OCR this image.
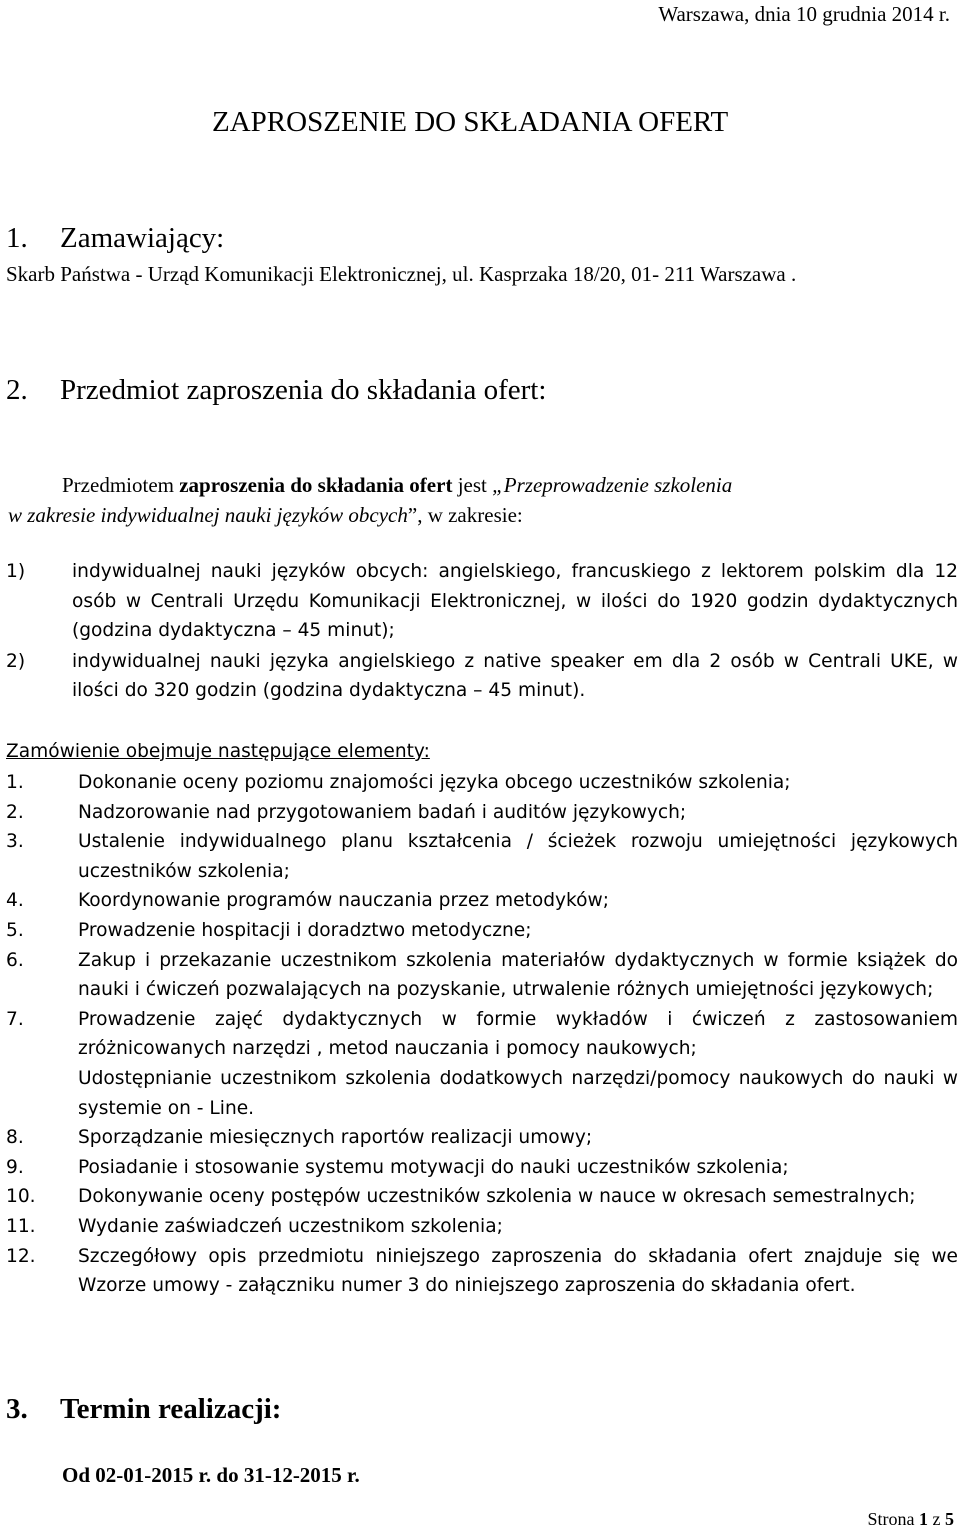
Warszawa, dnia 10 grudnia 2014 r.
ZAPROSZENIE DO SKŁADANIA OFERT
1. Zamawiający:
Skarb Państwa - Urząd Komunikacji Elektronicznej, ul. Kasprzaka 18/20, 01- 211 Warszawa .
2. Przedmiot zaproszenia do składania ofert:
Przedmiotem zaproszenia do składania ofert jest „Przeprowadzenie szkolenia
w zakresie indywidualnej nauki języków obcych”, w zakresie:
1)	indywidualnej nauki języków obcych: angielskiego, francuskiego z lektorem polskim dla 12 osób w Centrali Urzędu Komunikacji Elektronicznej, w ilości do 1920 godzin dydaktycznych (godzina dydaktyczna – 45 minut);
2)	indywidualnej nauki języka angielskiego z native speaker em dla 2 osób w Centrali UKE, w ilości do 320 godzin (godzina dydaktyczna – 45 minut).
Zamówienie obejmuje następujące elementy:
1.	Dokonanie oceny poziomu znajomości języka obcego uczestników szkolenia;
2.	Nadzorowanie nad przygotowaniem badań i auditów językowych;
3.	Ustalenie indywidualnego planu kształcenia / ścieżek rozwoju umiejętności językowych uczestników szkolenia;
4.	Koordynowanie programów nauczania przez metodyków;
5.	Prowadzenie hospitacji i doradztwo metodyczne;
6.	Zakup i przekazanie uczestnikom szkolenia materiałów dydaktycznych w formie książek do nauki i ćwiczeń pozwalających na pozyskanie, utrwalenie różnych umiejętności językowych;
7.	Prowadzenie zajęć dydaktycznych w formie wykładów i ćwiczeń z zastosowaniem zróżnicowanych narzędzi , metod nauczania i pomocy naukowych;
Udostępnianie uczestnikom szkolenia dodatkowych narzędzi/pomocy naukowych do nauki w systemie on - Line.
8.	Sporządzanie miesięcznych raportów realizacji umowy;
9.	Posiadanie i stosowanie systemu motywacji do nauki uczestników szkolenia;
10. Dokonywanie oceny postępów uczestników szkolenia w nauce w okresach semestralnych;
11. Wydanie zaświadczeń uczestnikom szkolenia;
12. Szczegółowy opis przedmiotu niniejszego zaproszenia do składania ofert znajduje się we Wzorze umowy - załączniku numer 3 do niniejszego zaproszenia do składania ofert.
3. Termin realizacji:
Od 02-01-2015 r. do 31-12-2015 r.
Strona 1 z 5
